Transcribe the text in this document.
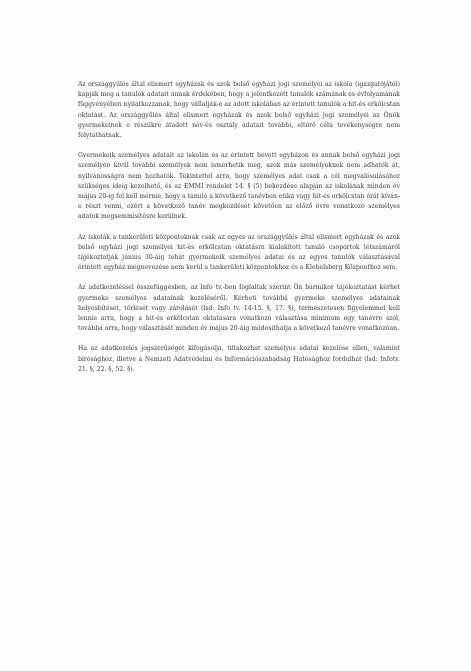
Az országgyűlés által elismert egyházak és azok belső egyházi jogi személyei az iskola (igazgatójától) kapják meg a tanulók adatait annak érdekében, hogy a jelentkezett tanulók számának és évfolyamának függvényében nyilatkozzanak, hogy vállalják-e az adott iskolában az érintett tanulók a hit-és erkölcstan oktatást. Az országgyűlés által elismert egyházak és azok belső egyházi jogi személyei az Önök gyermekeinek e részükre átadott név-és osztály adatait további, eltérő célú tevékenységre nem folytathatnak.

Gyermekeik személyes adatait az iskolán és az érintett bevett egyházon és annak belső egyházi jogi személyén kívül további személyek nem ismerhetik meg, azok más személyeknek nem adhatók át, nyilvánosságra nem hozhatók. Tekintettel arra, hogy személyes adat csak a cél megvalósulásához szükséges ideig kezelhető, és az EMMI rendelet 14. § (5) bekezdése alapján az iskolának minden év május 20-ig fel kell mérnie, hogy a tanuló a következő tanévben etika vagy hit-és erkölcstan órát kíván-e részt venni, ezért a következő tanév megkezdését követően az előző évre vonatkozó személyes adatok megsemmisítésre kerülnek.

Az iskolák a tankerületi központoknak csak az egyes az országgyűlés által elismert egyházak és azok belső egyházi jogi személyei hit-és erkölcstan oktatásra kialakított tanuló csoportok létszámáról tájékoztatják június 30-áig tehát gyermekeik személyes adatai és az egyes tanulók választásával érintett egyház megnevezése nem kerül a tankerületi központokhoz és a Klebelsberg Központhoz sem.

Az adatkezeléssel összefüggésben, az Info tv.-ben foglaltak szerint Ön bármikor tájékoztatást kérhet gyermeke személyes adatainak kezeléséről. Kérheti továbbá gyermeke személyes adatainak helyesbítését, törlését vagy zárolását (lsd: Info tv. 14-15. §, 17. §), természetesen figyelemmel kell lennie arra, hogy a hit-és erkölcstan oktatására vonatkozó választása minimum egy tanévre szól, továbbá arra, hogy választását minden év május 20-áig módosíthatja a következő tanévre vonatkozóan.

Ha az adatkezelés jogszerűségét kifogásolja, tiltakozhat személyes adatai kezelése ellen, valamint bírósághoz, illetve a Nemzeti Adatvédelmi és Információszabadság Hatósághoz fordulhat (lsd: Infotv. 21. §, 22. §, 52. §).
